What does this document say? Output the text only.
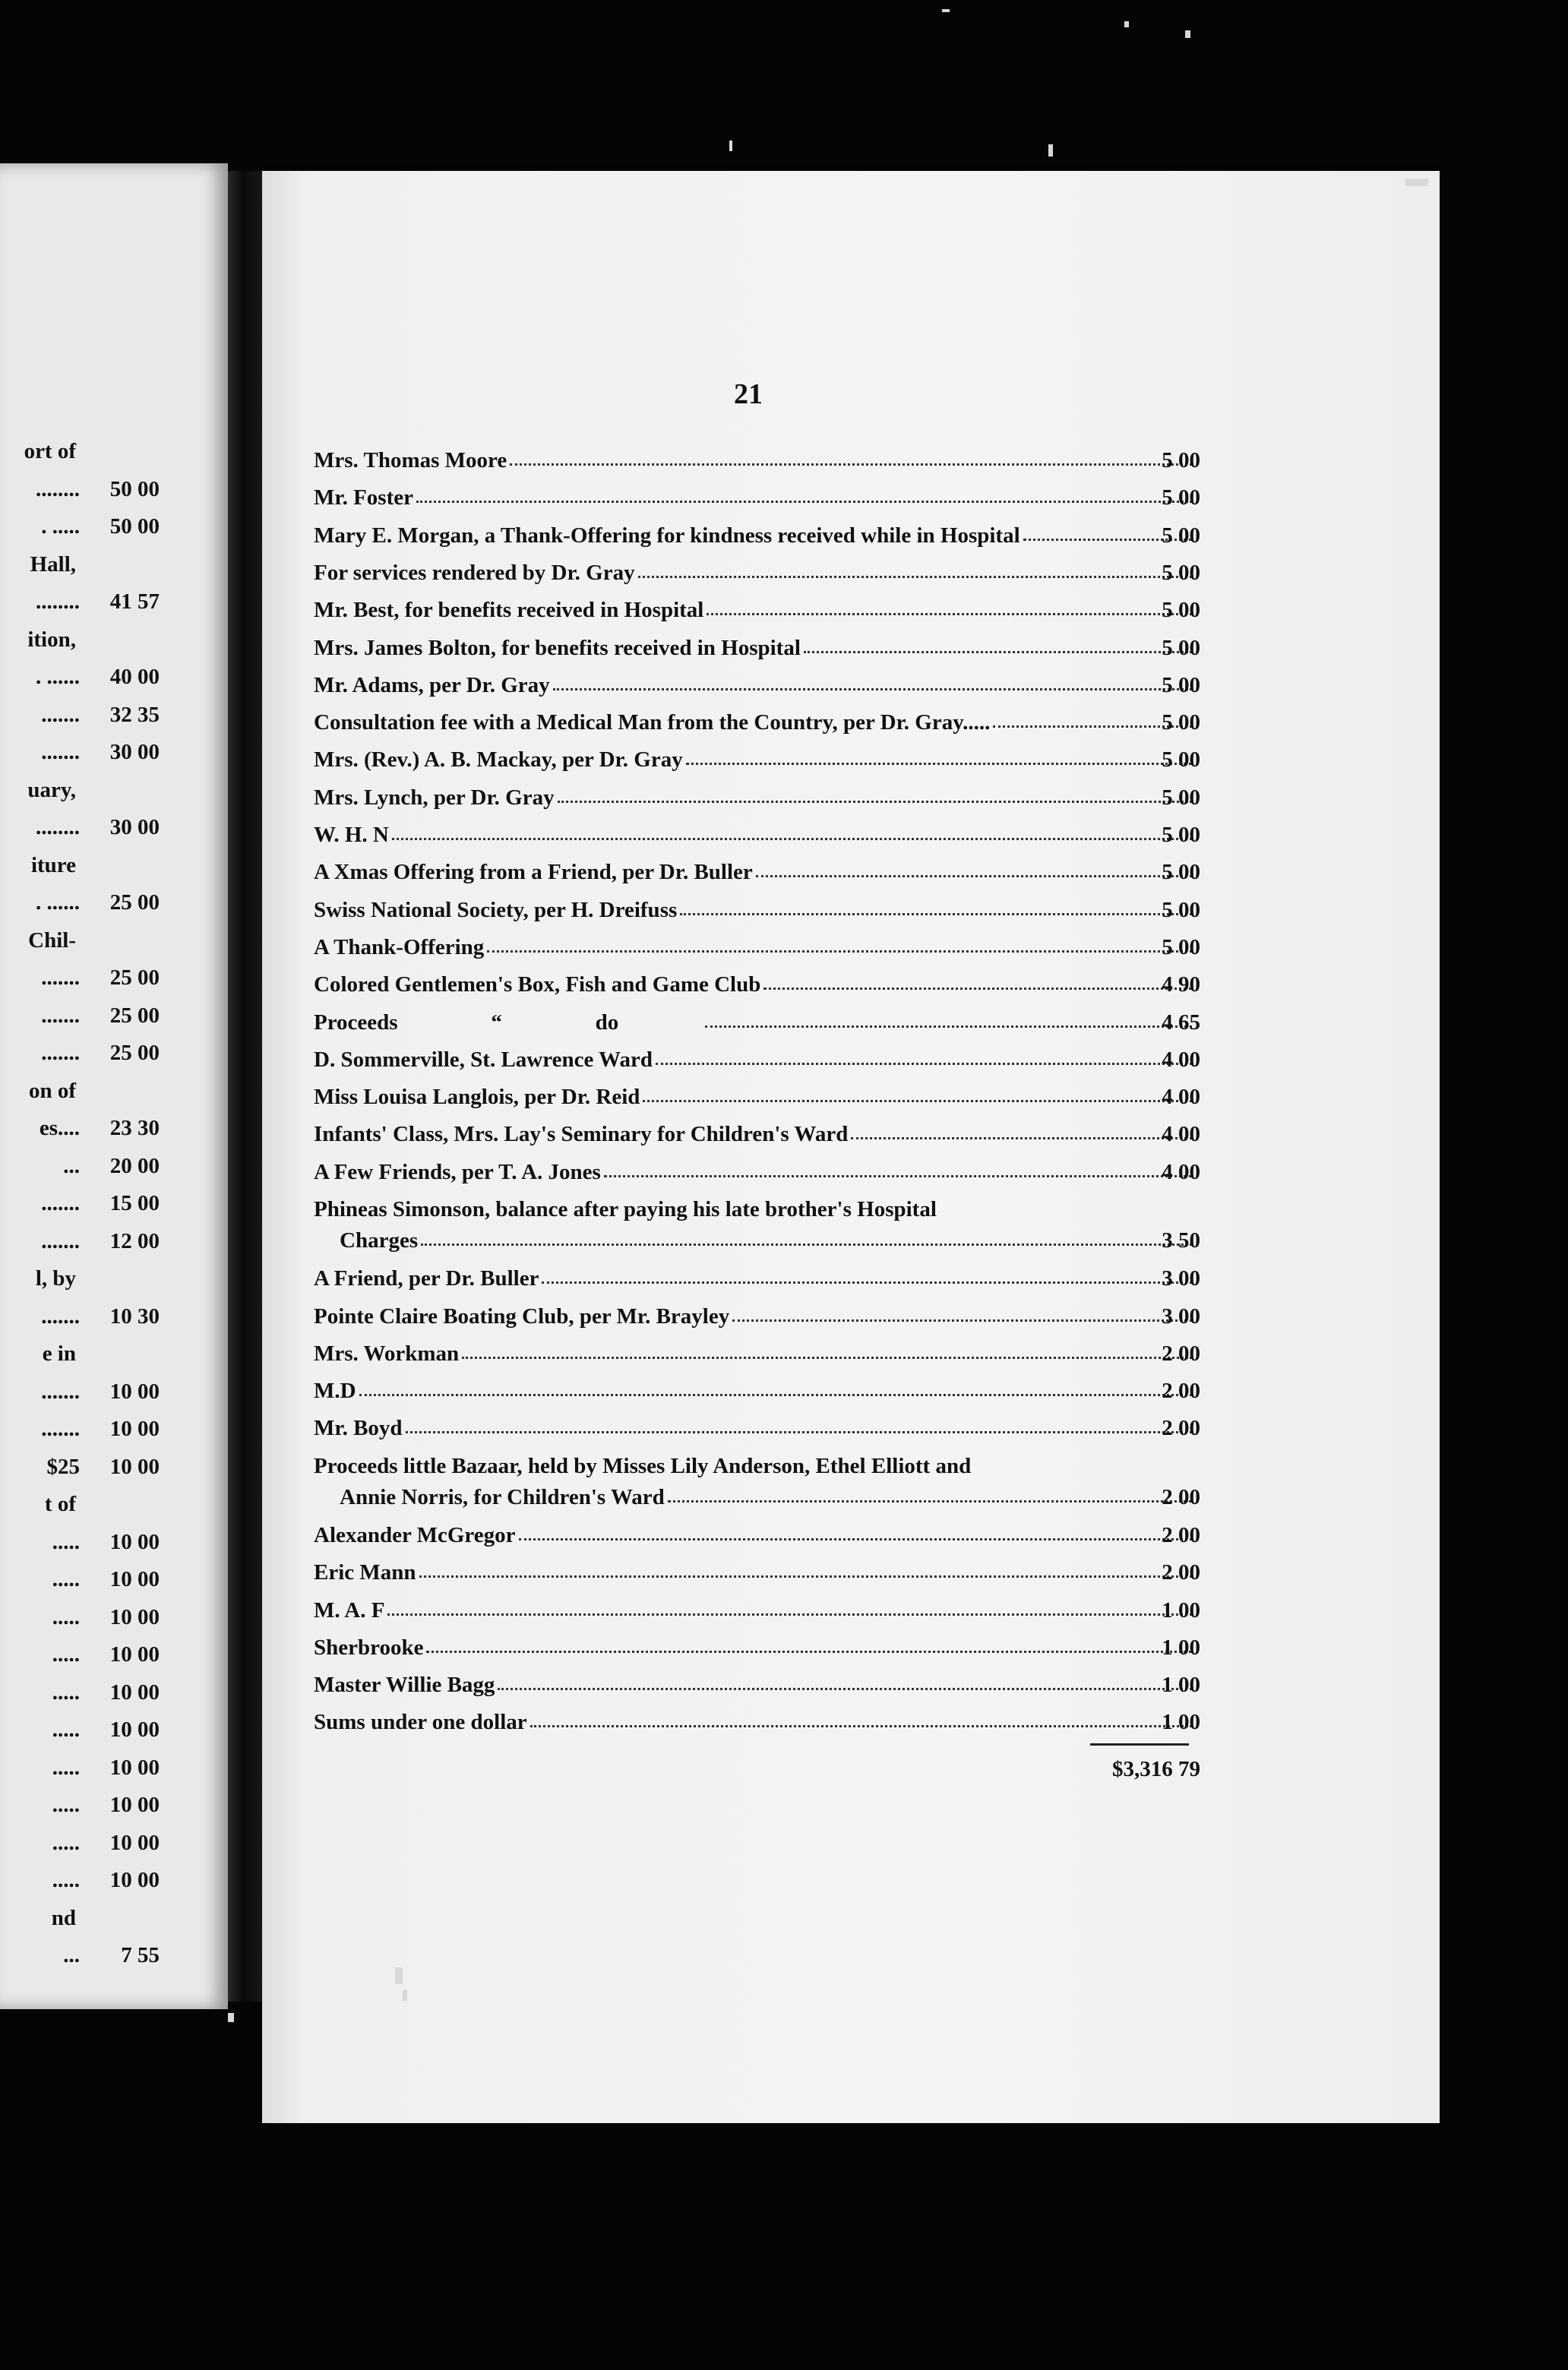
ort of
........	50 00
. .....	50 00
Hall,
........	41 57
ition,
. ......	40 00
.......	32 35
.......	30 00
uary,
........	30 00
iture
. ......	25 00
Chil-
.......	25 00
.......	25 00
.......	25 00
on of
es....	23 30
...	20 00
.......	15 00
.......	12 00
l, by
.......	10 30
e in
.......	10 00
.......	10 00
$25	10 00
t of
.....	10 00
.....	10 00
.....	10 00
.....	10 00
.....	10 00
.....	10 00
.....	10 00
.....	10 00
.....	10 00
.....	10 00
nd
...	7 55
21
Mrs. Thomas Moore	5 00
Mr. Foster	5 00
Mary E. Morgan, a Thank-Offering for kindness received while in Hospital	5 00
For services rendered by Dr. Gray	5 00
Mr. Best, for benefits received in Hospital	5 00
Mrs. James Bolton, for benefits received in Hospital	5 00
Mr. Adams, per Dr. Gray	5 00
Consultation fee with a Medical Man from the Country, per Dr. Gray.....	5 00
Mrs. (Rev.) A. B. Mackay, per Dr. Gray	5 00
Mrs. Lynch, per Dr. Gray	5 00
W. H. N	5 00
A Xmas Offering from a Friend, per Dr. Buller	5 00
Swiss National Society, per H. Dreifuss	5 00
A Thank-Offering	5 00
Colored Gentlemen's Box, Fish and Game Club	4 90
Proceeds	“	do	4 65
D. Sommerville, St. Lawrence Ward	4 00
Miss Louisa Langlois, per Dr. Reid	4 00
Infants' Class, Mrs. Lay's Seminary for Children's Ward	4 00
A Few Friends, per T. A. Jones	4 00
Phineas Simonson, balance after paying his late brother's Hospital
Charges	3 50
A Friend, per Dr. Buller	3 00
Pointe Claire Boating Club, per Mr. Brayley	3 00
Mrs. Workman	2 00
M.D	2 00
Mr. Boyd	2 00
Proceeds little Bazaar, held by Misses Lily Anderson, Ethel Elliott and
Annie Norris, for Children's Ward	2 00
Alexander McGregor	2 00
Eric Mann	2 00
M. A. F	1 00
Sherbrooke	1 00
Master Willie Bagg	1 00
Sums under one dollar	1 00
$3,316 79
